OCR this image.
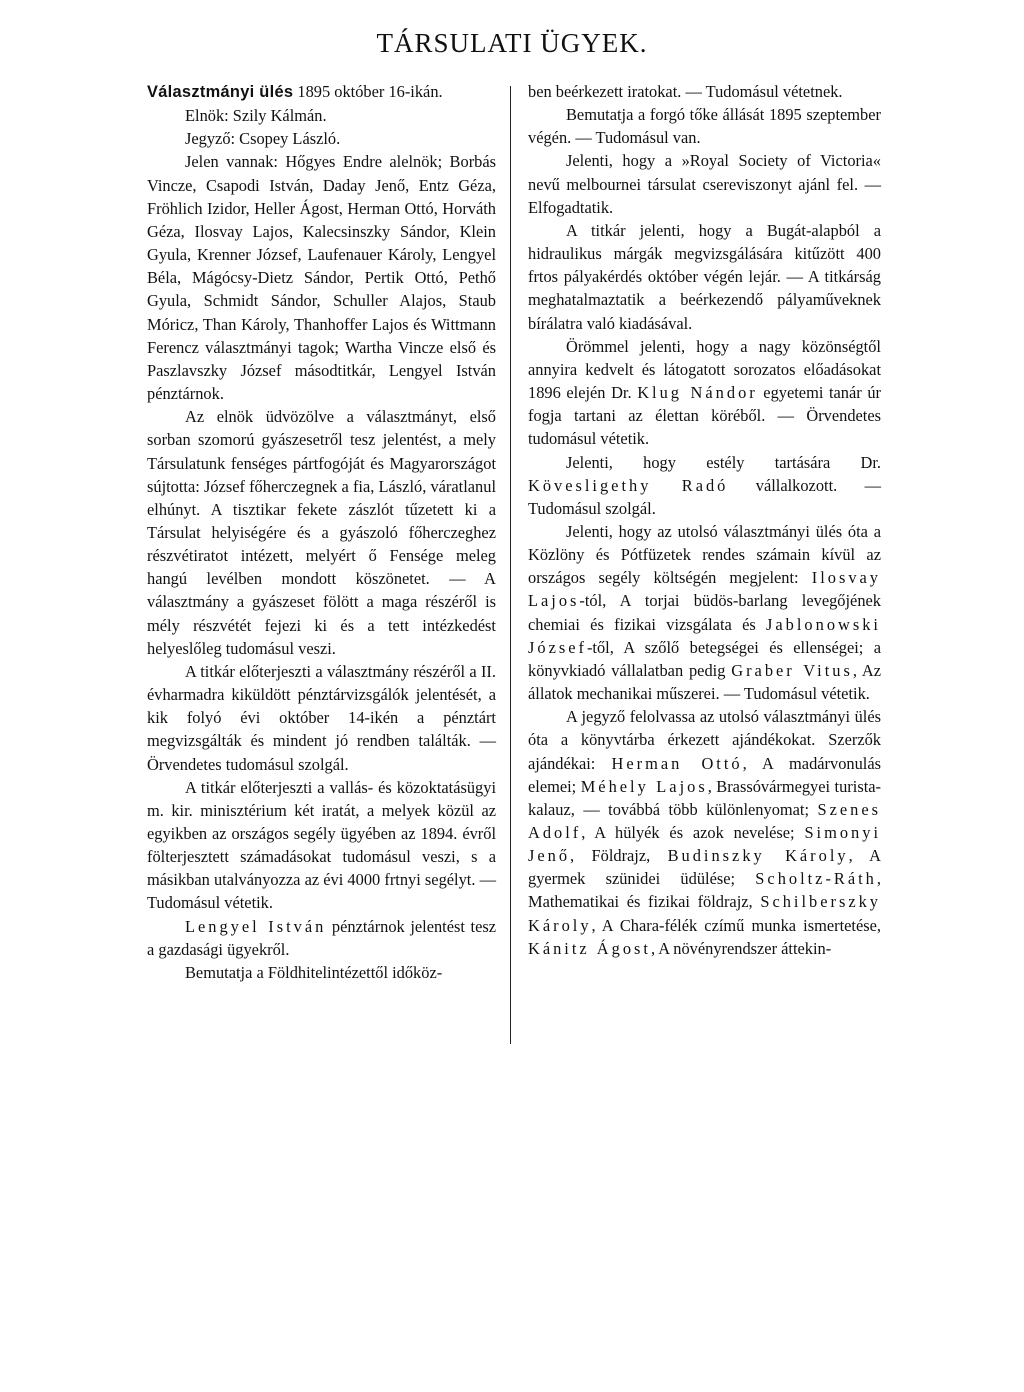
TÁRSULATI ÜGYEK.

Választmányi ülés 1895 október 16-ikán.

Elnök: Szily Kálmán.

Jegyző: Csopey László.

Jelen vannak: Hőgyes Endre alelnök; Borbás Vincze, Csapodi István, Daday Jenő, Entz Géza, Fröhlich Izidor, Heller Ágost, Herman Ottó, Horváth Géza, Ilosvay Lajos, Kalecsinszky Sándor, Klein Gyula, Krenner József, Laufenauer Károly, Lengyel Béla, Mágócsy-Dietz Sándor, Pertik Ottó, Pethő Gyula, Schmidt Sándor, Schuller Alajos, Staub Móricz, Than Károly, Thanhoffer Lajos és Wittmann Ferencz választmányi tagok; Wartha Vincze első és Paszlavszky József másodtitkár, Lengyel István pénztárnok.

Az elnök üdvözölve a választmányt, első sorban szomorú gyászesetről tesz jelentést, a mely Társulatunk fenséges pártfogóját és Magyarországot sújtotta: József főherczegnek a fia, László, váratlanul elhúnyt. A tisztikar fekete zászlót tűzetett ki a Társulat helyiségére és a gyászoló főherczeghez részvétiratot intézett, melyért ő Fensége meleg hangú levélben mondott köszönetet. — A választmány a gyászeset fölött a maga részéről is mély részvétét fejezi ki és a tett intézkedést helyeslőleg tudomásul veszi.

A titkár előterjeszti a választmány részéről a II. évharmadra kiküldött pénztárvizsgálók jelentését, a kik folyó évi október 14-ikén a pénztárt megvizsgálták és mindent jó rendben találták. — Örvendetes tudomásul szolgál.

A titkár előterjeszti a vallás- és közoktatásügyi m. kir. minisztérium két iratát, a melyek közül az egyikben az országos segély ügyében az 1894. évről fölterjesztett számadásokat tudomásul veszi, s a másikban utalványozza az évi 4000 frtnyi segélyt. — Tudomásul vétetik.

Lengyel István pénztárnok jelentést tesz a gazdasági ügyekről.

Bemutatja a Földhitelintézettől időköz-

ben beérkezett iratokat. — Tudomásul vétetnek.

Bemutatja a forgó tőke állását 1895 szeptember végén. — Tudomásul van.

Jelenti, hogy a »Royal Society of Victoria« nevű melbournei társulat csereviszonyt ajánl fel. — Elfogadtatik.

A titkár jelenti, hogy a Bugát-alapból a hidraulikus márgák megvizsgálására kitűzött 400 frtos pályakérdés október végén lejár. — A titkárság meghatalmaztatik a beérkezendő pályaműveknek bírálatra való kiadásával.

Örömmel jelenti, hogy a nagy közönségtől annyira kedvelt és látogatott sorozatos előadásokat 1896 elején Dr. Klug Nándor egyetemi tanár úr fogja tartani az élettan köréből. — Örvendetes tudomásul vétetik.

Jelenti, hogy estély tartására Dr. Kövesligethy Radó vállalkozott. — Tudomásul szolgál.

Jelenti, hogy az utolsó választmányi ülés óta a Közlöny és Pótfüzetek rendes számain kívül az országos segély költségén megjelent: Ilosvay Lajos-tól, A torjai büdös-barlang levegőjének chemiai és fizikai vizsgálata és Jablonowski József-től, A szőlő betegségei és ellenségei; a könyvkiadó vállalatban pedig Graber Vitus, Az állatok mechanikai műszerei. — Tudomásul vétetik.

A jegyző felolvassa az utolsó választmányi ülés óta a könyvtárba érkezett ajándékokat. Szerzők ajándékai: Herman Ottó, A madárvonulás elemei; Méhely Lajos, Brassóvármegyei turista-kalauz, — továbbá több különlenyomat; Szenes Adolf, A hülyék és azok nevelése; Simonyi Jenő, Földrajz, Budinszky Károly, A gyermek szünidei üdülése; Scholtz-Ráth, Mathematikai és fizikai földrajz, Schilberszky Károly, A Chara-félék czímű munka ismertetése, Kánitz Ágost, A növényrendszer áttekin-
